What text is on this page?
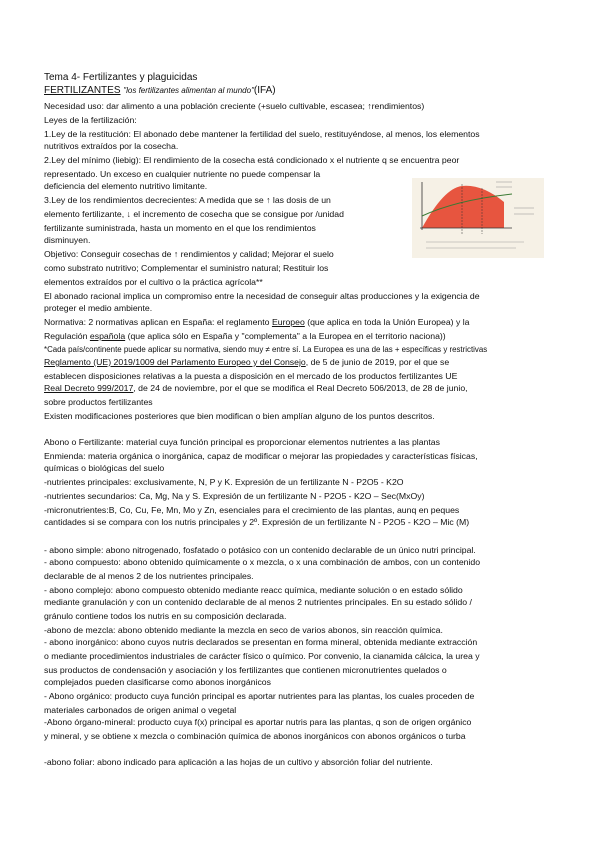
Tema 4- Fertilizantes y plaguicidas
FERTILIZANTES "los fertilizantes alimentan al mundo"(IFA)
Necesidad uso: dar alimento a una población creciente (+suelo cultivable, escasea; ↑rendimientos)
Leyes de la fertilización:
1.Ley de la restitución: El abonado debe mantener la fertilidad del suelo, restituyéndose, al menos, los elementos
nutritivos extraídos por la cosecha.
2.Ley del mínimo (liebig): El rendimiento de la cosecha está condicionado x el nutriente q se encuentra peor
representado. Un exceso en cualquier nutriente no puede compensar la
deficiencia del elemento nutritivo limitante.
3.Ley de los rendimientos decrecientes: A medida que se ↑ las dosis de un
elemento fertilizante, ↓ el incremento de cosecha que se consigue por /unidad
fertilizante suministrada, hasta un momento en el que los rendimientos
disminuyen.
Objetivo: Conseguir cosechas de ↑ rendimientos y calidad; Mejorar el suelo
como substrato nutritivo; Complementar el suministro natural; Restituir los
elementos extraídos por el cultivo o la práctica agrícola**
El abonado racional implica un compromiso entre la necesidad de conseguir altas producciones y la exigencia de
proteger el medio ambiente.
Normativa: 2 normativas aplican en España: el reglamento Europeo (que aplica en toda la Unión Europea) y la
Regulación española (que aplica sólo en España y "complementa" a la Europea en el territorio naciona))
*Cada país/continente puede aplicar su normativa, siendo muy ≠ entre sí. La Europea es una de las + específicas y restrictivas
Reglamento (UE) 2019/1009 del Parlamento Europeo y del Consejo, de 5 de junio de 2019, por el que se
establecen disposiciones relativas a la puesta a disposición en el mercado de los productos fertilizantes UE
Real Decreto 999/2017, de 24 de noviembre, por el que se modifica el Real Decreto 506/2013, de 28 de junio,
sobre productos fertilizantes
Existen modificaciones posteriores que bien modifican o bien amplían alguno de los puntos descritos.
Abono o Fertilizante: material cuya función principal es proporcionar elementos nutrientes a las plantas
Enmienda: materia orgánica o inorgánica, capaz de modificar o mejorar las propiedades y características físicas,
químicas o biológicas del suelo
-nutrientes principales: exclusivamente, N, P y K. Expresión de un fertilizante N - P2O5 - K2O
-nutrientes secundarios: Ca, Mg, Na y S. Expresión de un fertilizante N - P2O5 - K2O – Sec(MxOy)
-micronutrientes:B, Co, Cu, Fe, Mn, Mo y Zn, esenciales para el crecimiento de las plantas, aunq en peques
cantidades si se compara con los nutris principales y 2º. Expresión de un fertilizante N - P2O5 - K2O – Mic (M)
- abono simple: abono nitrogenado, fosfatado o potásico con un contenido declarable de un único nutri principal.
- abono compuesto: abono obtenido químicamente o x mezcla, o x una combinación de ambos, con un contenido
declarable de al menos 2 de los nutrientes principales.
- abono complejo: abono compuesto obtenido mediante reacc química, mediante solución o en estado sólido
mediante granulación y con un contenido declarable de al menos 2 nutrientes principales. En su estado sólido /
gránulo contiene todos los nutris en su composición declarada.
-abono de mezcla: abono obtenido mediante la mezcla en seco de varios abonos, sin reacción química.
- abono inorgánico: abono cuyos nutris declarados se presentan en forma mineral, obtenida mediante extracción
o mediante procedimientos industriales de carácter físico o químico. Por convenio, la cianamida cálcica, la urea y
sus productos de condensación y asociación y los fertilizantes que contienen micronutrientes quelados o
complejados pueden clasificarse como abonos inorgánicos
- Abono orgánico: producto cuya función principal es aportar nutrientes para las plantas, los cuales proceden de
materiales carbonados de origen animal o vegetal
-Abono órgano-mineral: producto cuya f(x) principal es aportar nutris para las plantas, q son de origen orgánico
y mineral, y se obtiene x mezcla o combinación química de abonos inorgánicos con abonos orgánicos o turba
-abono foliar: abono indicado para aplicación a las hojas de un cultivo y absorción foliar del nutriente.
